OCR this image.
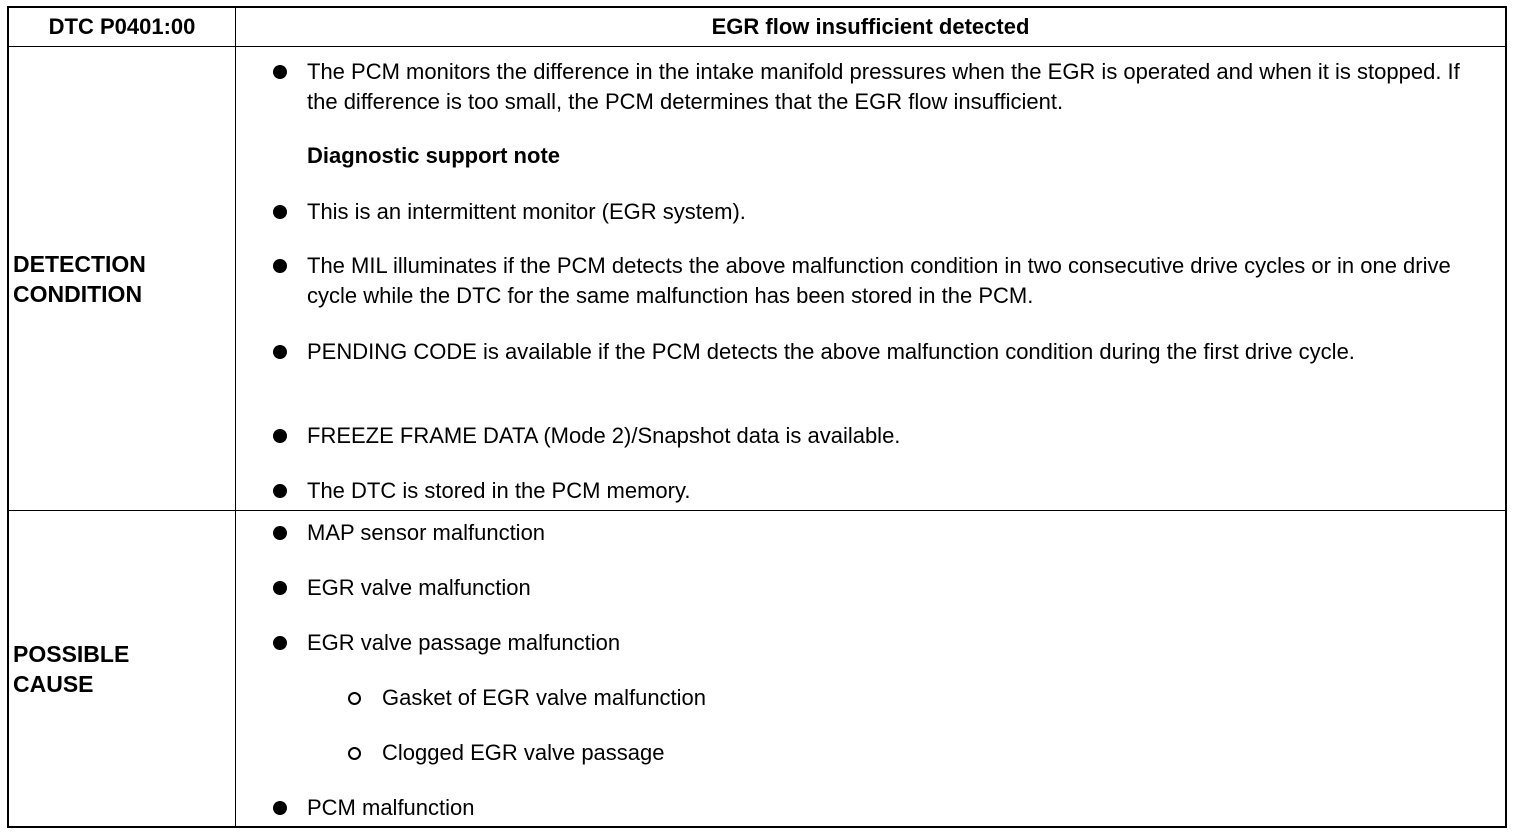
DTC P0401:00	EGR flow insufficient detected
DETECTION
CONDITION
POSSIBLE
CAUSE
The PCM monitors the difference in the intake manifold pressures when the EGR is operated and when it is stopped. If the difference is too small, the PCM determines that the EGR flow insufficient.
Diagnostic support note
This is an intermittent monitor (EGR system).
The MIL illuminates if the PCM detects the above malfunction condition in two consecutive drive cycles or in one drive cycle while the DTC for the same malfunction has been stored in the PCM.
PENDING CODE is available if the PCM detects the above malfunction condition during the first drive cycle.
FREEZE FRAME DATA (Mode 2)/Snapshot data is available.
The DTC is stored in the PCM memory.
MAP sensor malfunction
EGR valve malfunction
EGR valve passage malfunction
Gasket of EGR valve malfunction
Clogged EGR valve passage
PCM malfunction
